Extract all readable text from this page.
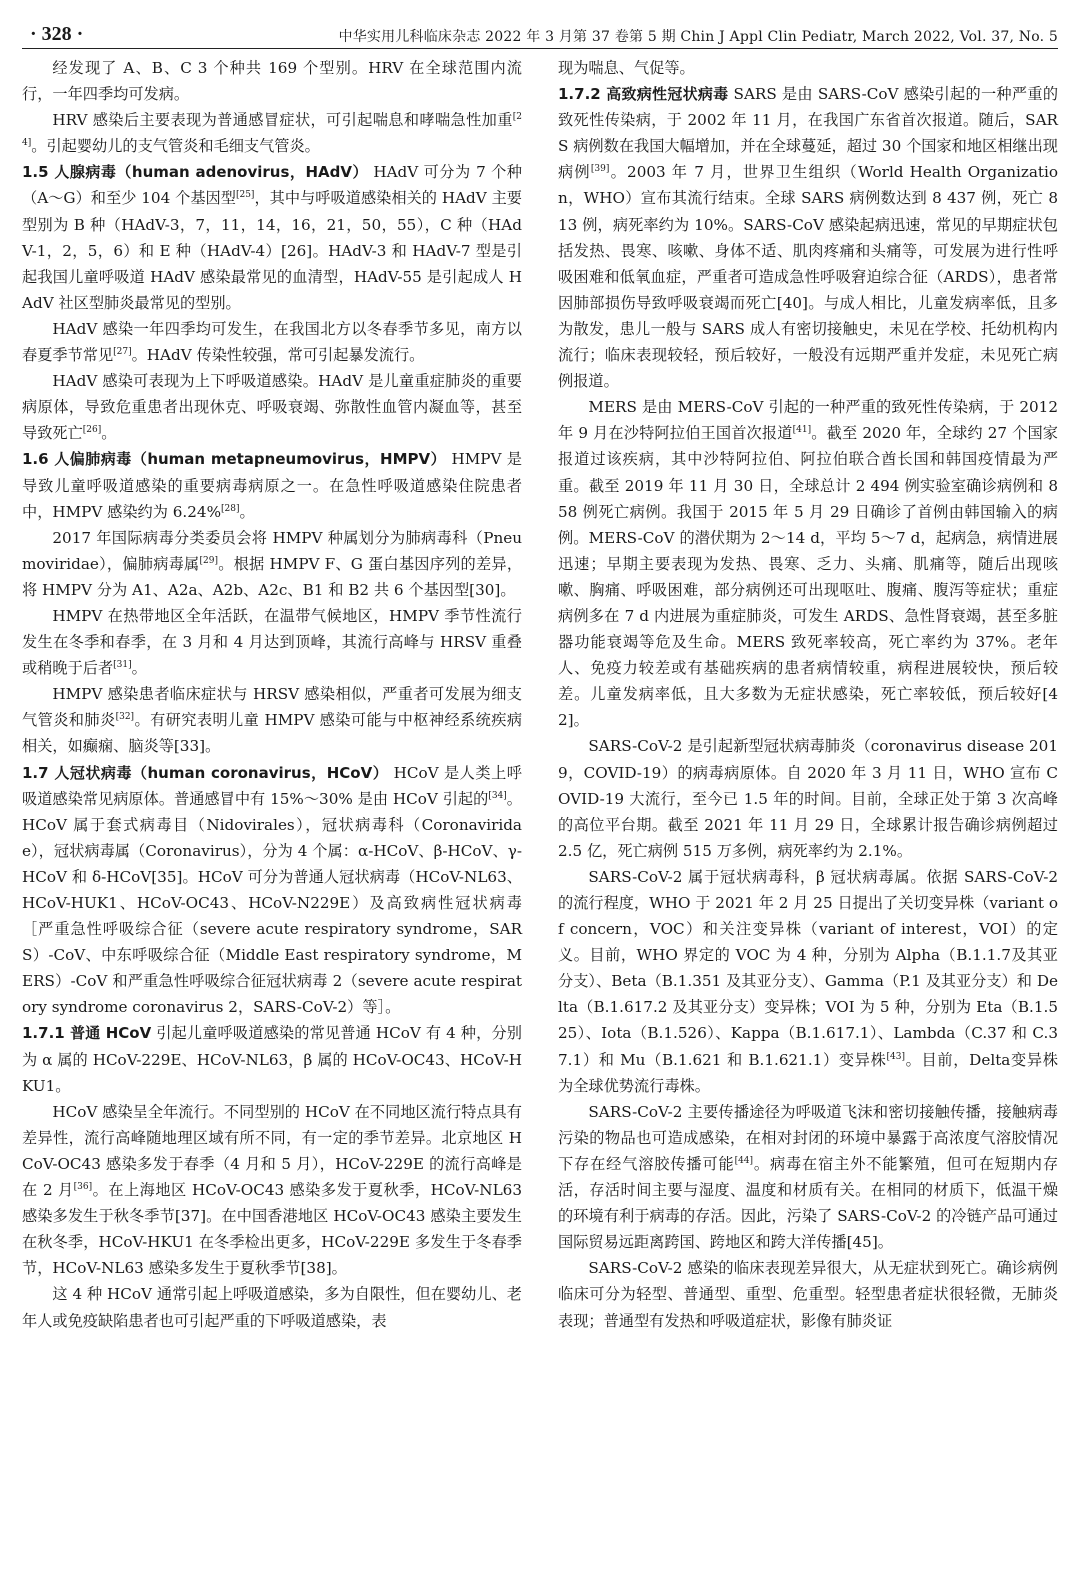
· 328 ·	中华实用儿科临床杂志 2022 年 3 月第 37 卷第 5 期 Chin J Appl Clin Pediatr, March 2022, Vol. 37, No. 5

经发现了 A、B、C 3 个种共 169 个型别。HRV 在全球范围内流行，一年四季均可发病。

HRV 感染后主要表现为普通感冒症状，可引起喘息和哮喘急性加重[24]。引起婴幼儿的支气管炎和毛细支气管炎。

1.5 人腺病毒（human adenovirus，HAdV） HAdV 可分为 7 个种（A～G）和至少 104 个基因型[25]，其中与呼吸道感染相关的 HAdV 主要型别为 B 种（HAdV-3，7，11，14，16，21，50，55），C 种（HAdV-1，2，5，6）和 E 种（HAdV-4）[26]。HAdV-3 和 HAdV-7 型是引起我国儿童呼吸道 HAdV 感染最常见的血清型，HAdV-55 是引起成人 HAdV 社区型肺炎最常见的型别。

HAdV 感染一年四季均可发生，在我国北方以冬春季节多见，南方以春夏季节常见[27]。HAdV 传染性较强，常可引起暴发流行。

HAdV 感染可表现为上下呼吸道感染。HAdV 是儿童重症肺炎的重要病原体，导致危重患者出现休克、呼吸衰竭、弥散性血管内凝血等，甚至导致死亡[26]。

1.6 人偏肺病毒（human metapneumovirus，HMPV） HMPV 是导致儿童呼吸道感染的重要病毒病原之一。在急性呼吸道感染住院患者中，HMPV 感染约为 6.24%[28]。

2017 年国际病毒分类委员会将 HMPV 种属划分为肺病毒科（Pneumoviridae），偏肺病毒属[29]。根据 HMPV F、G 蛋白基因序列的差异，将 HMPV 分为 A1、A2a、A2b、A2c、B1 和 B2 共 6 个基因型[30]。

HMPV 在热带地区全年活跃，在温带气候地区，HMPV 季节性流行发生在冬季和春季，在 3 月和 4 月达到顶峰，其流行高峰与 HRSV 重叠或稍晚于后者[31]。

HMPV 感染患者临床症状与 HRSV 感染相似，严重者可发展为细支气管炎和肺炎[32]。有研究表明儿童 HMPV 感染可能与中枢神经系统疾病相关，如癫痫、脑炎等[33]。

1.7 人冠状病毒（human coronavirus，HCoV） HCoV 是人类上呼吸道感染常见病原体。普通感冒中有 15%～30% 是由 HCoV 引起的[34]。HCoV 属于套式病毒目（Nidovirales），冠状病毒科（Coronaviridae），冠状病毒属（Coronavirus），分为 4 个属：α-HCoV、β-HCoV、γ-HCoV 和 δ-HCoV[35]。HCoV 可分为普通人冠状病毒（HCoV-NL63、HCoV-HUK1、HCoV-OC43、HCoV-N229E）及高致病性冠状病毒［严重急性呼吸综合征（severe acute respiratory syndrome，SARS）-CoV、中东呼吸综合征（Middle East respiratory syndrome，MERS）-CoV 和严重急性呼吸综合征冠状病毒 2（severe acute respiratory syndrome coronavirus 2，SARS-CoV-2）等］。

1.7.1 普通 HCoV 引起儿童呼吸道感染的常见普通 HCoV 有 4 种，分别为 α 属的 HCoV-229E、HCoV-NL63，β 属的 HCoV-OC43、HCoV-HKU1。

HCoV 感染呈全年流行。不同型别的 HCoV 在不同地区流行特点具有差异性，流行高峰随地理区域有所不同，有一定的季节差异。北京地区 HCoV-OC43 感染多发于春季（4 月和 5 月），HCoV-229E 的流行高峰是在 2 月[36]。在上海地区 HCoV-OC43 感染多发于夏秋季，HCoV-NL63 感染多发生于秋冬季节[37]。在中国香港地区 HCoV-OC43 感染主要发生在秋冬季，HCoV-HKU1 在冬季检出更多，HCoV-229E 多发生于冬春季节，HCoV-NL63 感染多发生于夏秋季节[38]。

这 4 种 HCoV 通常引起上呼吸道感染，多为自限性，但在婴幼儿、老年人或免疫缺陷患者也可引起严重的下呼吸道感染，表

现为喘息、气促等。

1.7.2 高致病性冠状病毒 SARS 是由 SARS-CoV 感染引起的一种严重的致死性传染病，于 2002 年 11 月，在我国广东省首次报道。随后，SARS 病例数在我国大幅增加，并在全球蔓延，超过 30 个国家和地区相继出现病例[39]。2003 年 7 月，世界卫生组织（World Health Organization，WHO）宣布其流行结束。全球 SARS 病例数达到 8 437 例，死亡 813 例，病死率约为 10%。SARS-CoV 感染起病迅速，常见的早期症状包括发热、畏寒、咳嗽、身体不适、肌肉疼痛和头痛等，可发展为进行性呼吸困难和低氧血症，严重者可造成急性呼吸窘迫综合征（ARDS），患者常因肺部损伤导致呼吸衰竭而死亡[40]。与成人相比，儿童发病率低，且多为散发，患儿一般与 SARS 成人有密切接触史，未见在学校、托幼机构内流行；临床表现较轻，预后较好，一般没有远期严重并发症，未见死亡病例报道。

MERS 是由 MERS-CoV 引起的一种严重的致死性传染病，于 2012 年 9 月在沙特阿拉伯王国首次报道[41]。截至 2020 年，全球约 27 个国家报道过该疾病，其中沙特阿拉伯、阿拉伯联合酋长国和韩国疫情最为严重。截至 2019 年 11 月 30 日，全球总计 2 494 例实验室确诊病例和 858 例死亡病例。我国于 2015 年 5 月 29 日确诊了首例由韩国输入的病例。MERS-CoV 的潜伏期为 2～14 d，平均 5～7 d，起病急，病情进展迅速；早期主要表现为发热、畏寒、乏力、头痛、肌痛等，随后出现咳嗽、胸痛、呼吸困难，部分病例还可出现呕吐、腹痛、腹泻等症状；重症病例多在 7 d 内进展为重症肺炎，可发生 ARDS、急性肾衰竭，甚至多脏器功能衰竭等危及生命。MERS 致死率较高，死亡率约为 37%。老年人、免疫力较差或有基础疾病的患者病情较重，病程进展较快，预后较差。儿童发病率低，且大多数为无症状感染，死亡率较低，预后较好[42]。

SARS-CoV-2 是引起新型冠状病毒肺炎（coronavirus disease 2019，COVID-19）的病毒病原体。自 2020 年 3 月 11 日，WHO 宣布 COVID-19 大流行，至今已 1.5 年的时间。目前，全球正处于第 3 次高峰的高位平台期。截至 2021 年 11 月 29 日，全球累计报告确诊病例超过 2.5 亿，死亡病例 515 万多例，病死率约为 2.1%。

SARS-CoV-2 属于冠状病毒科，β 冠状病毒属。依据 SARS-CoV-2 的流行程度，WHO 于 2021 年 2 月 25 日提出了关切变异株（variant of concern，VOC）和关注变异株（variant of interest，VOI）的定义。目前，WHO 界定的 VOC 为 4 种，分别为 Alpha（B.1.1.7及其亚分支）、Beta（B.1.351 及其亚分支）、Gamma（P.1 及其亚分支）和 Delta（B.1.617.2 及其亚分支）变异株；VOI 为 5 种，分别为 Eta（B.1.525）、Iota（B.1.526）、Kappa（B.1.617.1）、Lambda（C.37 和 C.37.1）和 Mu（B.1.621 和 B.1.621.1）变异株[43]。目前，Delta变异株为全球优势流行毒株。

SARS-CoV-2 主要传播途径为呼吸道飞沫和密切接触传播，接触病毒污染的物品也可造成感染，在相对封闭的环境中暴露于高浓度气溶胶情况下存在经气溶胶传播可能[44]。病毒在宿主外不能繁殖，但可在短期内存活，存活时间主要与湿度、温度和材质有关。在相同的材质下，低温干燥的环境有利于病毒的存活。因此，污染了 SARS-CoV-2 的冷链产品可通过国际贸易远距离跨国、跨地区和跨大洋传播[45]。

SARS-CoV-2 感染的临床表现差异很大，从无症状到死亡。确诊病例临床可分为轻型、普通型、重型、危重型。轻型患者症状很轻微，无肺炎表现；普通型有发热和呼吸道症状，影像有肺炎证
